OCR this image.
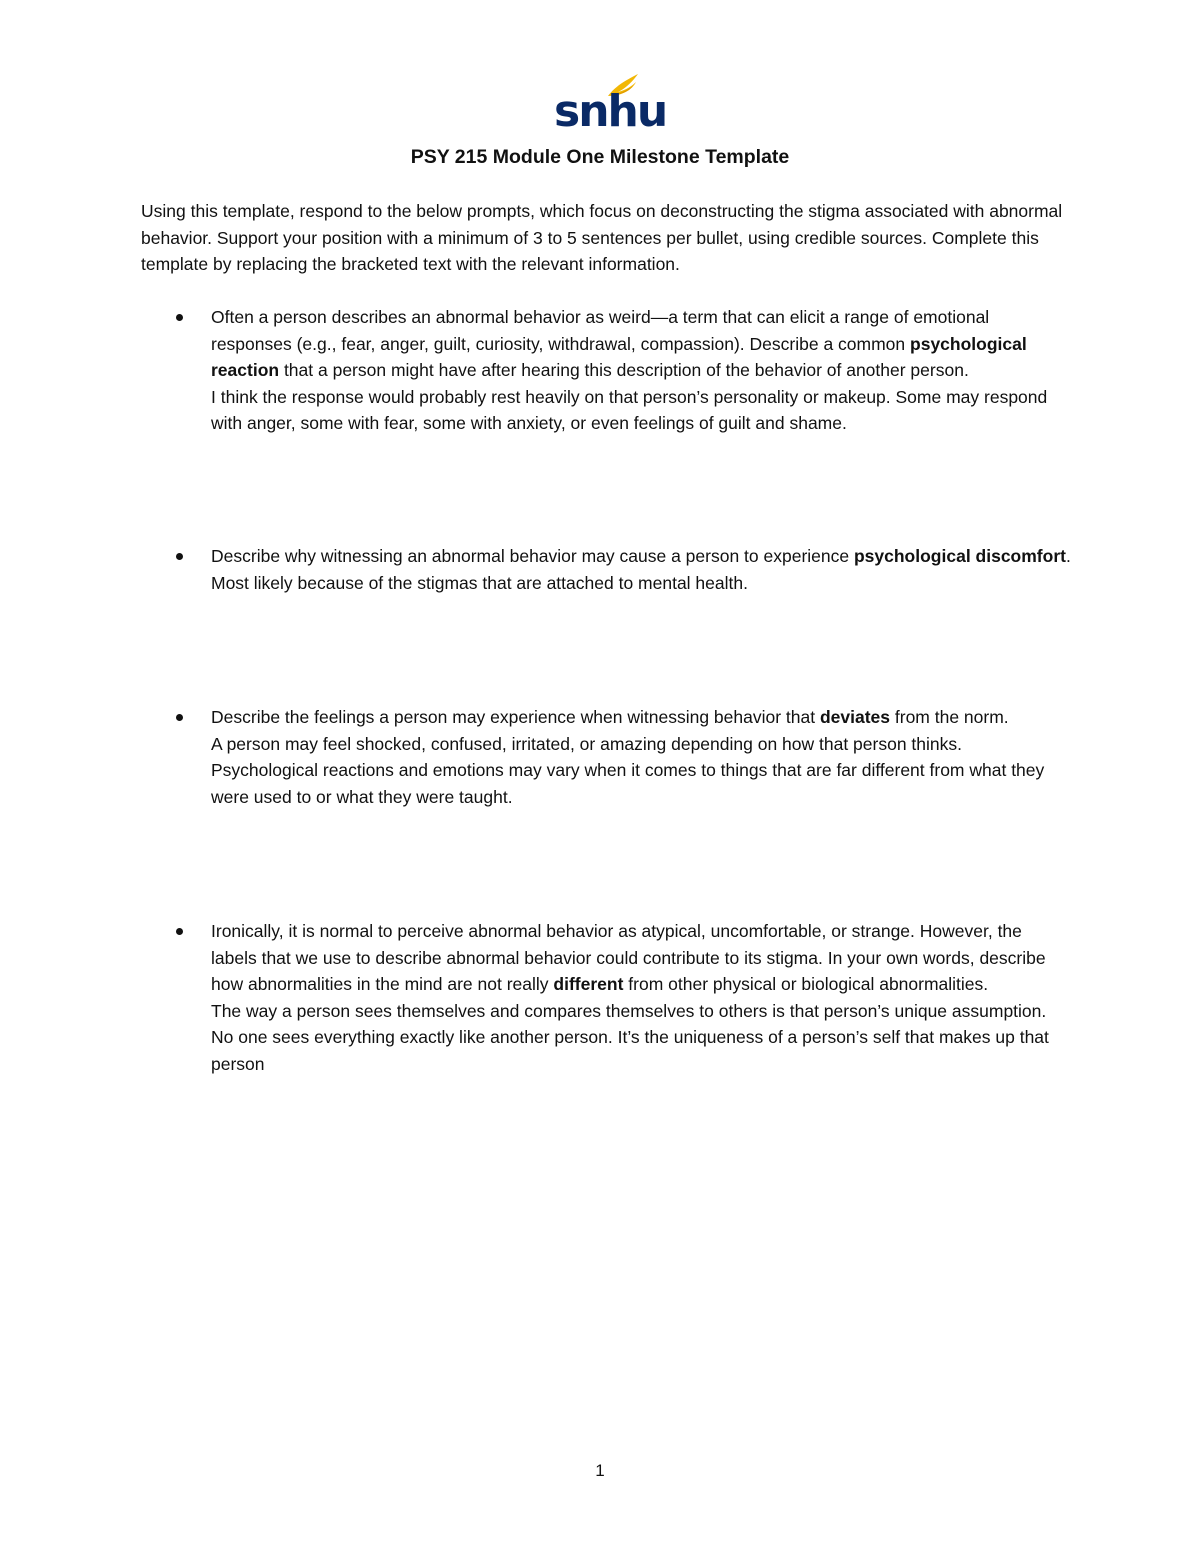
snhu
PSY 215 Module One Milestone Template

Using this template, respond to the below prompts, which focus on deconstructing the stigma associated with abnormal behavior. Support your position with a minimum of 3 to 5 sentences per bullet, using credible sources. Complete this template by replacing the bracketed text with the relevant information.

Often a person describes an abnormal behavior as weird—a term that can elicit a range of emotional responses (e.g., fear, anger, guilt, curiosity, withdrawal, compassion). Describe a common psychological reaction that a person might have after hearing this description of the behavior of another person.

I think the response would probably rest heavily on that person’s personality or makeup. Some may respond with anger, some with fear, some with anxiety, or even feelings of guilt and shame.

Describe why witnessing an abnormal behavior may cause a person to experience psychological discomfort. Most likely because of the stigmas that are attached to mental health.

Describe the feelings a person may experience when witnessing behavior that deviates from the norm.

A person may feel shocked, confused, irritated, or amazing depending on how that person thinks. Psychological reactions and emotions may vary when it comes to things that are far different from what they were used to or what they were taught.

Ironically, it is normal to perceive abnormal behavior as atypical, uncomfortable, or strange. However, the labels that we use to describe abnormal behavior could contribute to its stigma. In your own words, describe how abnormalities in the mind are not really different from other physical or biological abnormalities.

The way a person sees themselves and compares themselves to others is that person’s unique assumption. No one sees everything exactly like another person. It’s the uniqueness of a person’s self that makes up that person

1
